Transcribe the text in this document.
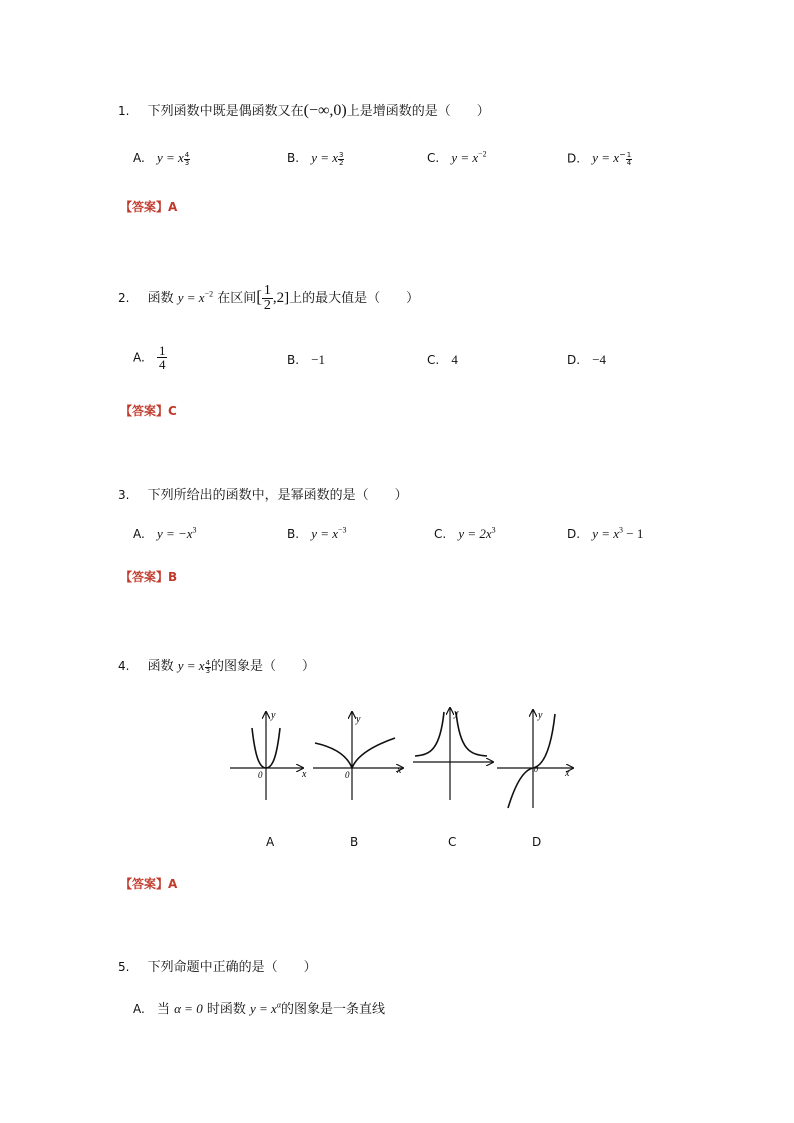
1. 下列函数中既是偶函数又在(−∞,0)上是增函数的是（　　）
A. y = x $\frac{4}{3}$	B. y = x $\frac{3}{2}$	C. $y = x^{-2}$	D. $y = x^- \frac{1}{4}$
【答案】A
2. 函数 $y = x^{-2}$ 在区间[ $\frac{1}{2} ,2$]上的最大值是（　　）
A. $\frac{1}{4}$	B. −1	C. 4	D. −4
【答案】C
3. 下列所给出的函数中，是幂函数的是（　　）
A. $y = -x^3$	B. $y = x^{-3}$	C. $y = 2x^3$	D. $y = x^3 - 1$
【答案】B
4. 函数 y = x $\frac{4}{3}$ 的图象是（　　）
y
x
0
y
x
0
y	y
x
0
A	B	C	D
【答案】A
5. 下列命题中正确的是（　　）
A. 当 α = 0 时函数 $y = x^\alpha$的图象是一条直线
